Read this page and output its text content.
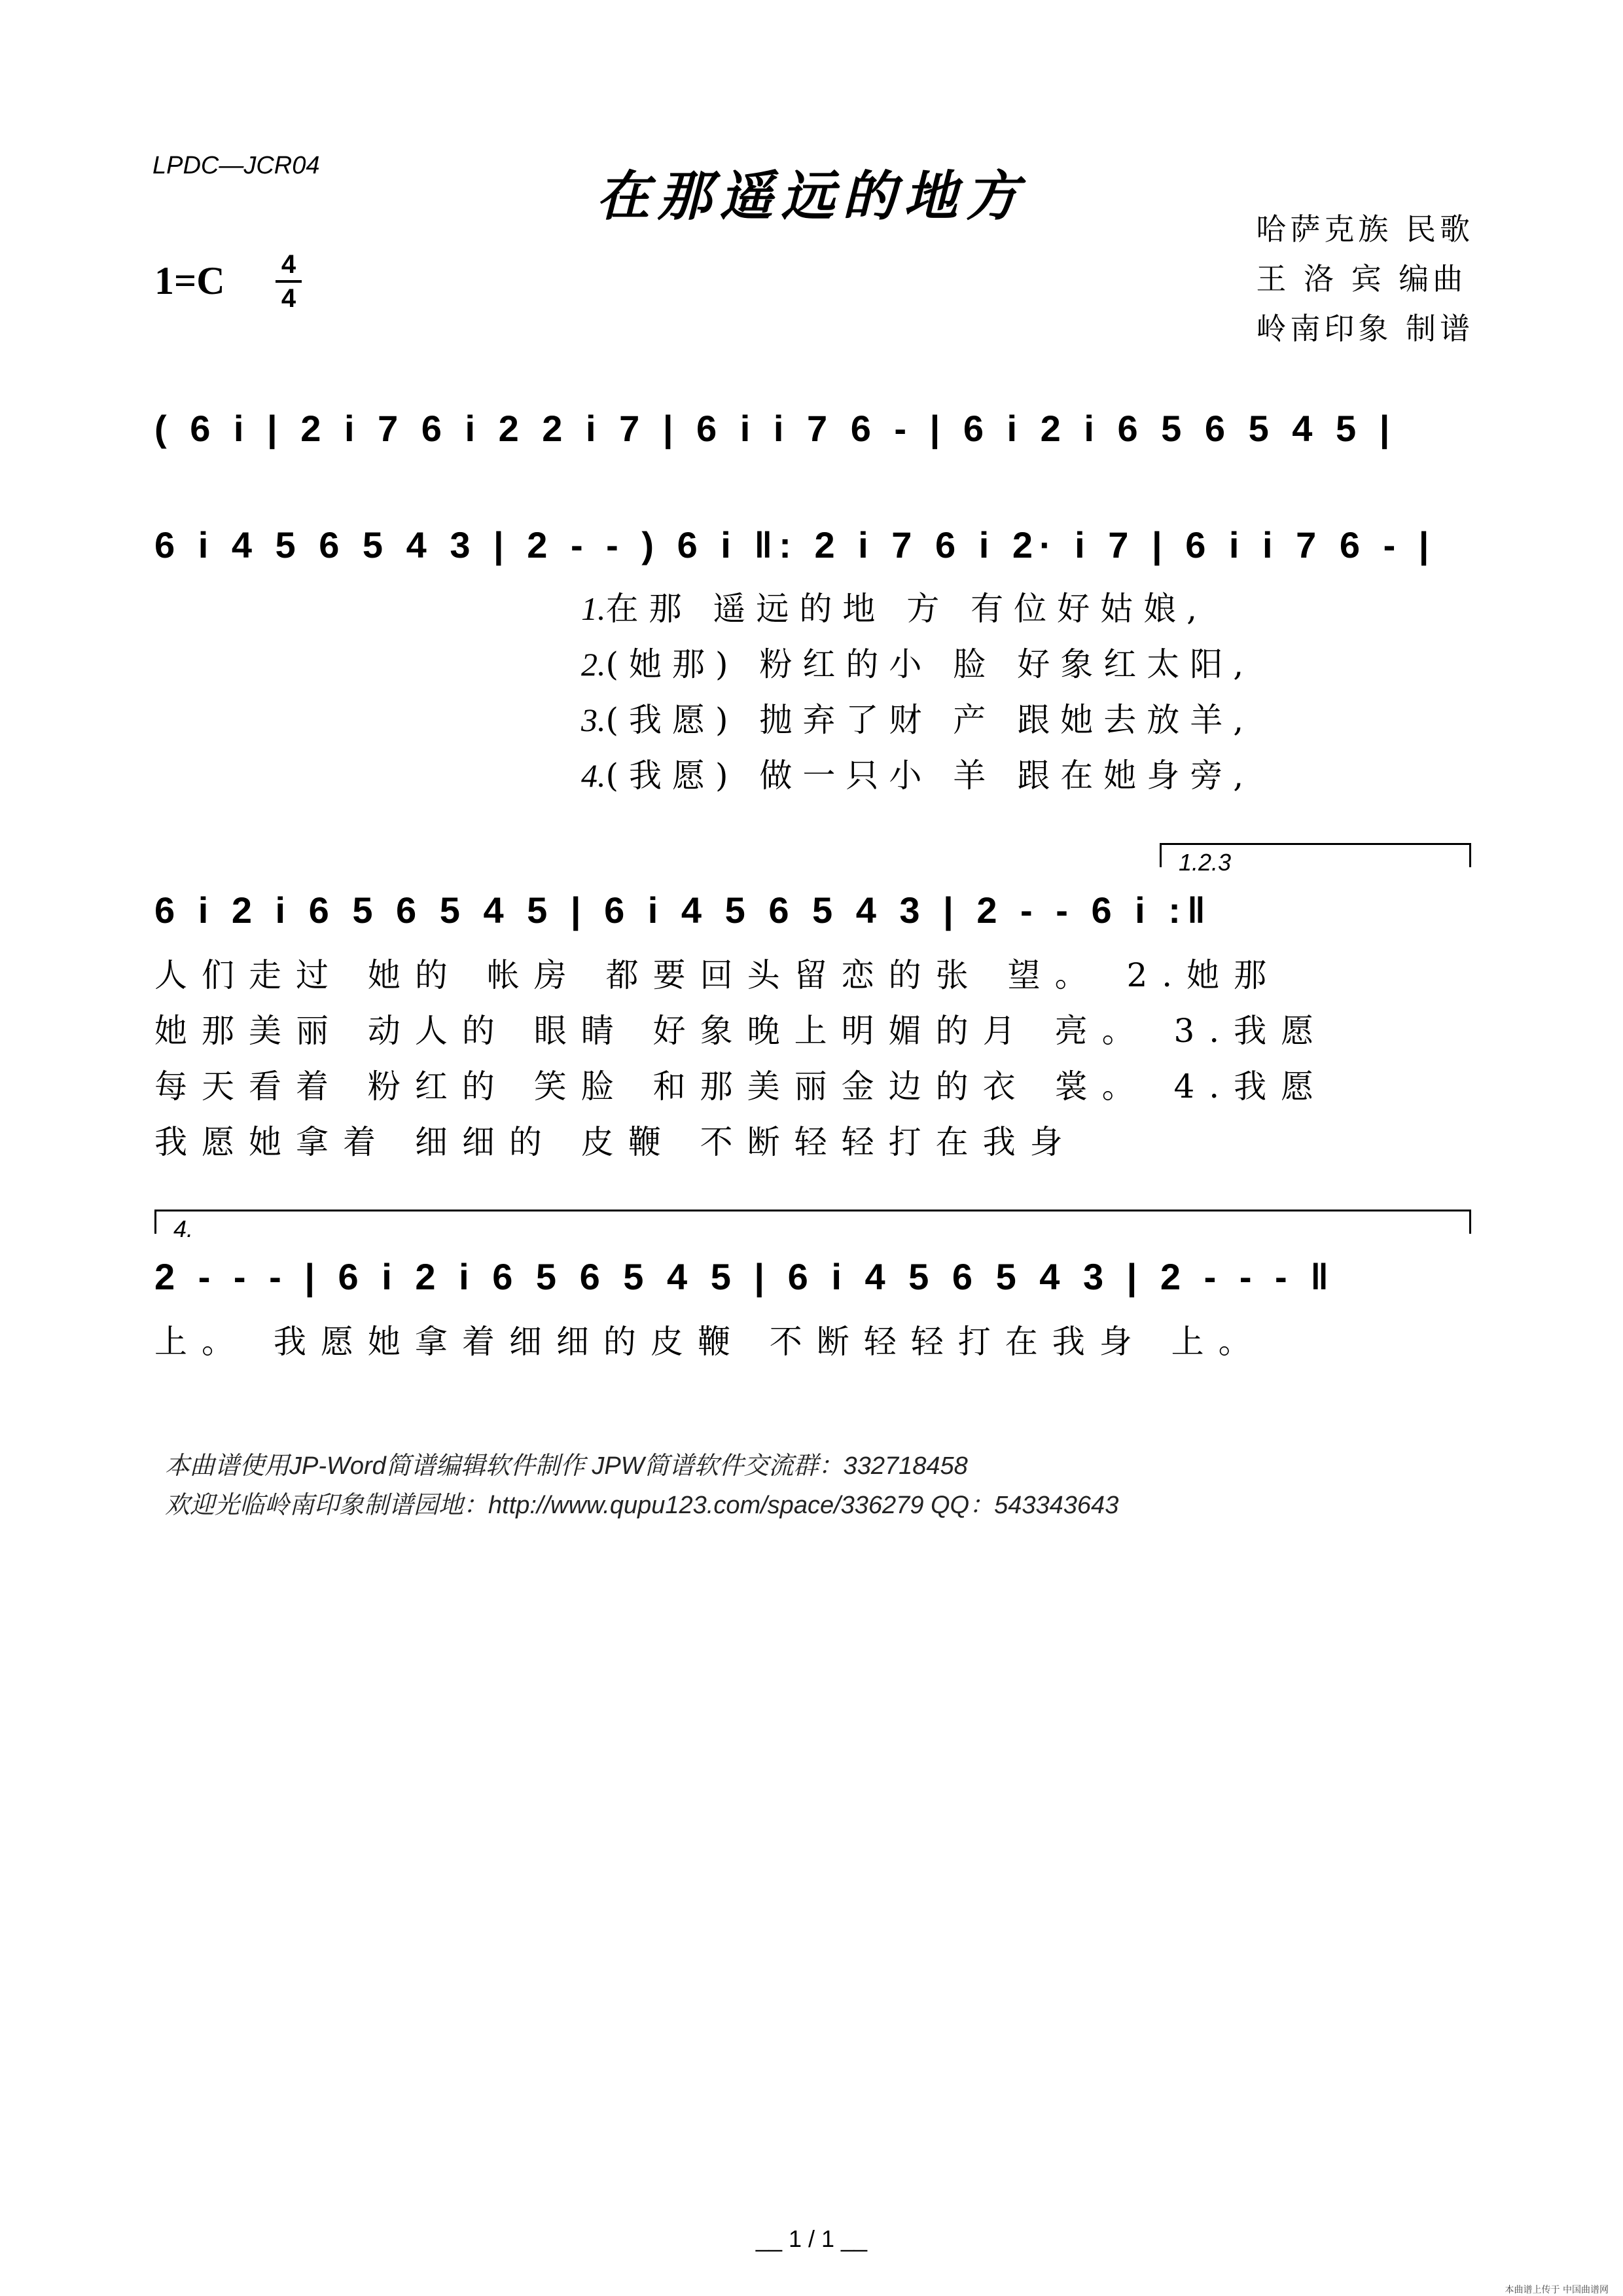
LPDC—JCR04	在那遥远的地方
1=C	4
4
哈萨克族 民歌
王 洛 宾 编曲
岭南印象 制谱
( 6 i | 2 i 7 6 i 2 2 i 7 | 6 i i 7 6 - | 6 i 2 i 6 5 6 5 4 5 |
6 i 4 5 6 5 4 3 | 2 - - ) 6 i ‖: 2 i 7 6 i 2· i 7 | 6 i i 7 6 - |
1.在那 遥远的地 方 有位好姑娘,
2.(她那) 粉红的小 脸 好象红太阳,
3.(我愿) 抛弃了财 产 跟她去放羊,
4.(我愿) 做一只小 羊 跟在她身旁,
1.2.3
6 i 2 i 6 5 6 5 4 5 | 6 i 4 5 6 5 4 3 | 2 - - 6 i :‖
人们走过 她的 帐房 都要回头留恋的张 望。 2.她那
她那美丽 动人的 眼睛 好象晚上明媚的月 亮。 3.我愿
每天看着 粉红的 笑脸 和那美丽金边的衣 裳。 4.我愿
我愿她拿着 细细的 皮鞭 不断轻轻打在我身
4.
2 - - - | 6 i 2 i 6 5 6 5 4 5 | 6 i 4 5 6 5 4 3 | 2 - - - ‖
上。 我愿她拿着细细的皮鞭 不断轻轻打在我身 上。
本曲谱使用JP-Word简谱编辑软件制作 JPW简谱软件交流群：332718458
欢迎光临岭南印象制谱园地：http://www.qupu123.com/space/336279 QQ：543343643
__ 1 / 1 __
本曲谱上传于 中国曲谱网
